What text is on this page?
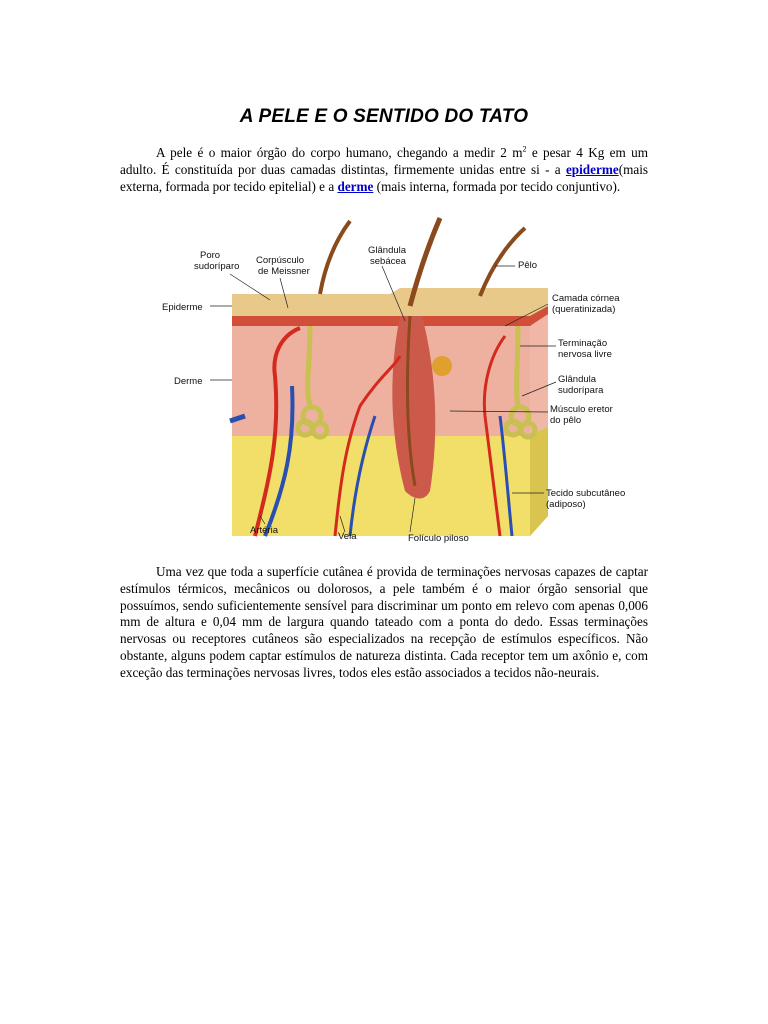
A PELE E O SENTIDO DO TATO

A pele é o maior órgão do corpo humano, chegando a medir 2 $m^2$ e pesar 4 Kg em um adulto. É constituída por duas camadas distintas, firmemente unidas entre si - a epiderme(mais externa, formada por tecido epitelial) e a derme (mais interna, formada por tecido conjuntivo).

Poro
sudoríparo
Corpúsculo
de Meissner
Glândula
sebácea	Pêlo
Epiderme
Camada córnea
(queratinizada)
Terminação
nervosa livre
Derme	Glândula
sudorípara
Músculo eretor
do pêlo
Tecido subcutâneo
(adiposo)
Artéria
Veia	Folículo piloso

Uma vez que toda a superfície cutânea é provida de terminações nervosas capazes de captar estímulos térmicos, mecânicos ou dolorosos, a pele também é o maior órgão sensorial que possuímos, sendo suficientemente sensível para discriminar um ponto em relevo com apenas 0,006 mm de altura e 0,04 mm de largura quando tateado com a ponta do dedo. Essas terminações nervosas ou receptores cutâneos são especializados na recepção de estímulos específicos. Não obstante, alguns podem captar estímulos de natureza distinta. Cada receptor tem um axônio e, com exceção das terminações nervosas livres, todos eles estão associados a tecidos não-neurais.
